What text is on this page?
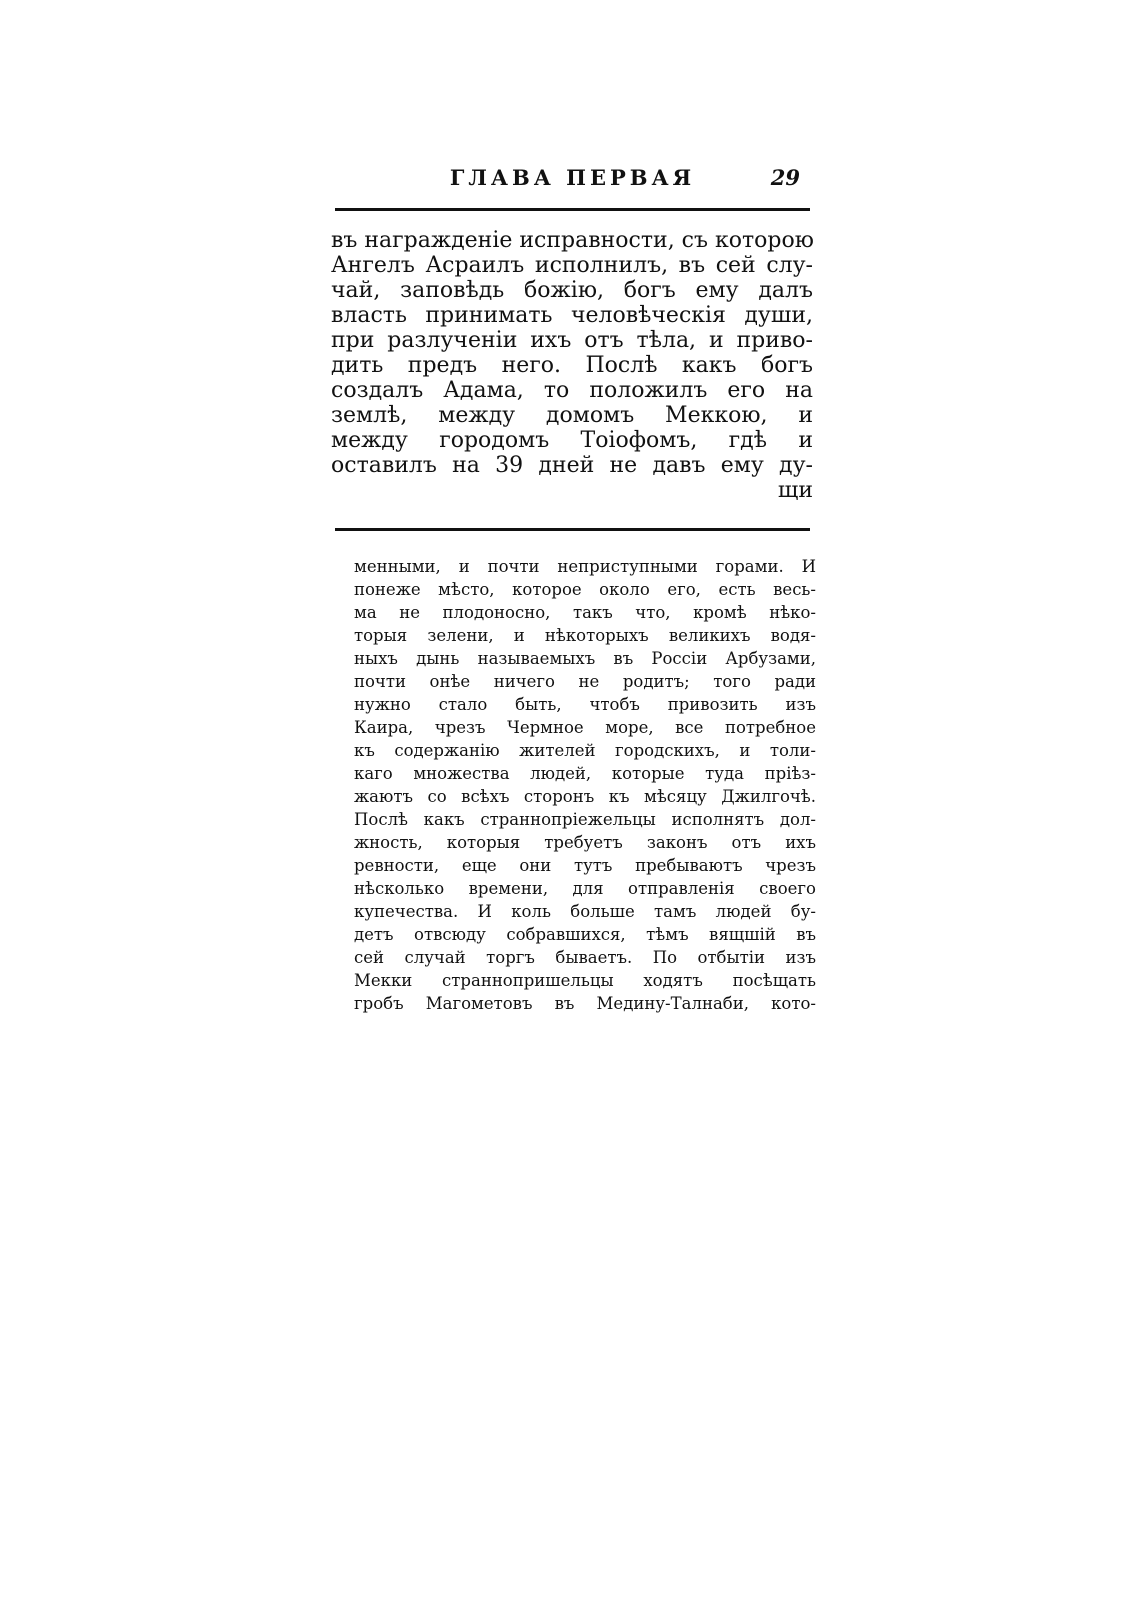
ГЛАВА ПЕРВАЯ	29
въ награжденiе исправности, съ которою
Ангелъ Асраилъ исполнилъ, въ сей слу-
чай, заповѣдь божiю, богъ ему далъ
власть принимать человѣческiя души,
при разлученiи ихъ отъ тѣла, и приво-
дить предъ него. Послѣ какъ богъ
создалъ Адама, то положилъ его на
землѣ, между домомъ Меккою, и
между городомъ Тоiофомъ, гдѣ и
оставилъ на 39 дней не давъ ему ду-
щи
менными, и почти неприступными горами. И
понеже мѣсто, которое около его, есть весь-
ма не плодоносно, такъ что, кромѣ нѣко-
торыя зелени, и нѣкоторыхъ великихъ водя-
ныхъ дынь называемыхъ въ Россiи Арбузами,
почти онѣе ничего не родитъ; того ради
нужно стало быть, чтобъ привозить изъ
Каира, чрезъ Чермное море, все потребное
къ содержанiю жителей городскихъ, и толи-
каго множества людей, которые туда прiѣз-
жаютъ со всѣхъ сторонъ къ мѣсяцу Джилгочѣ.
Послѣ какъ страннопрiежельцы исполнятъ дол-
жность, которыя требуетъ законъ отъ ихъ
ревности, еще они тутъ пребываютъ чрезъ
нѣсколько времени, для отправленiя своего
купечества. И коль больше тамъ людей бу-
детъ отвсюду собравшихся, тѣмъ вящшiй въ
сей случай торгъ бываетъ. По отбытiи изъ
Мекки страннопришельцы ходятъ посѣщать
гробъ Магометовъ въ Медину-Талнаби, кото-
